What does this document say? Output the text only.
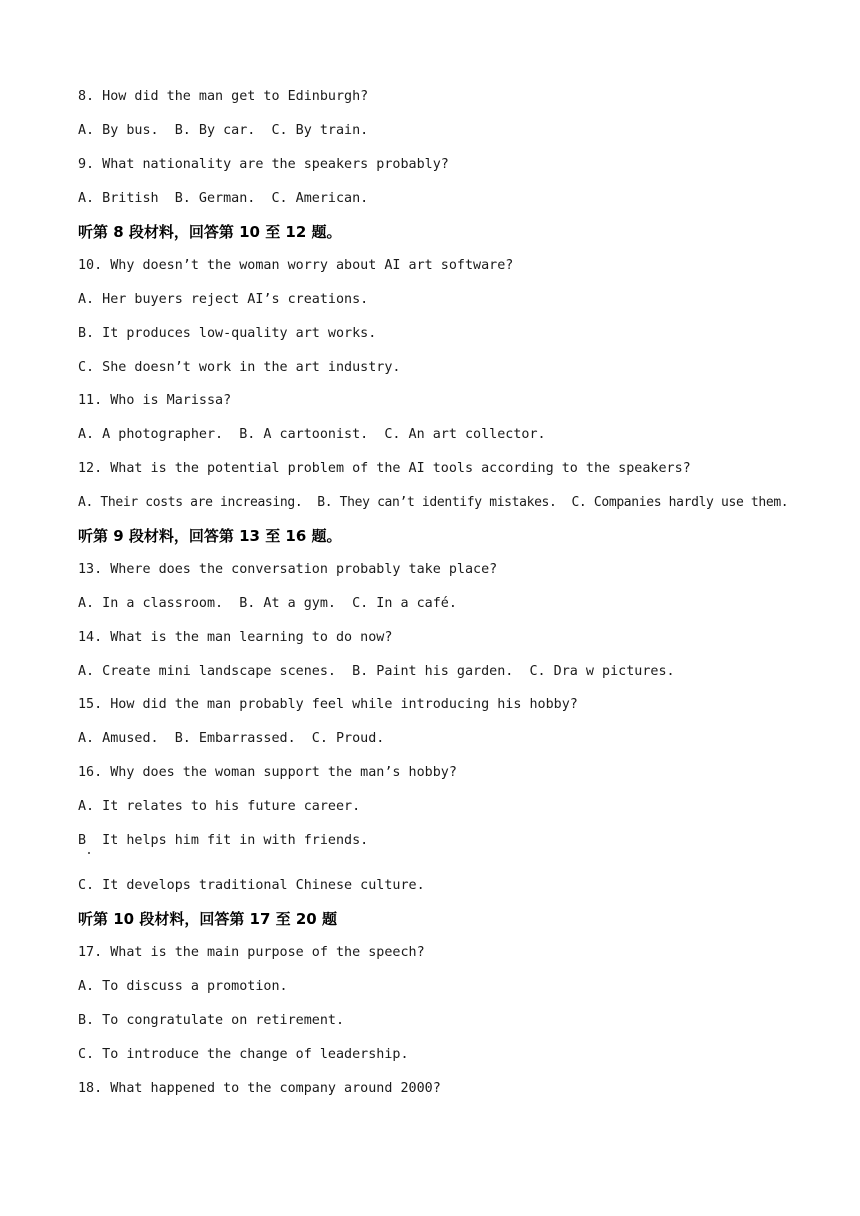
8. How did the man get to Edinburgh?
A. By bus.  B. By car.  C. By train.
9. What nationality are the speakers probably?
A. British  B. German.  C. American.
听第 8 段材料，回答第 10 至 12 题。
10. Why doesn’t the woman worry about AI art software?
A. Her buyers reject AI’s creations.
B. It produces low-quality art works.
C. She doesn’t work in the art industry.
11. Who is Marissa?
A. A photographer.  B. A cartoonist.  C. An art collector.
12. What is the potential problem of the AI tools according to the speakers?
A. Their costs are increasing.  B. They can’t identify mistakes.  C. Companies hardly use them.
听第 9 段材料，回答第 13 至 16 题。
13. Where does the conversation probably take place?
A. In a classroom.  B. At a gym.  C. In a café.
14. What is the man learning to do now?
A. Create mini landscape scenes.  B. Paint his garden.  C. Dra w pictures.
15. How did the man probably feel while introducing his hobby?
A. Amused.  B. Embarrassed.  C. Proud.
16. Why does the woman support the man’s hobby?
A. It relates to his future career.
B  It helps him fit in with friends.
C. It develops traditional Chinese culture.
听第 10 段材料，回答第 17 至 20 题
17. What is the main purpose of the speech?
A. To discuss a promotion.
B. To congratulate on retirement.
C. To introduce the change of leadership.
18. What happened to the company around 2000?
